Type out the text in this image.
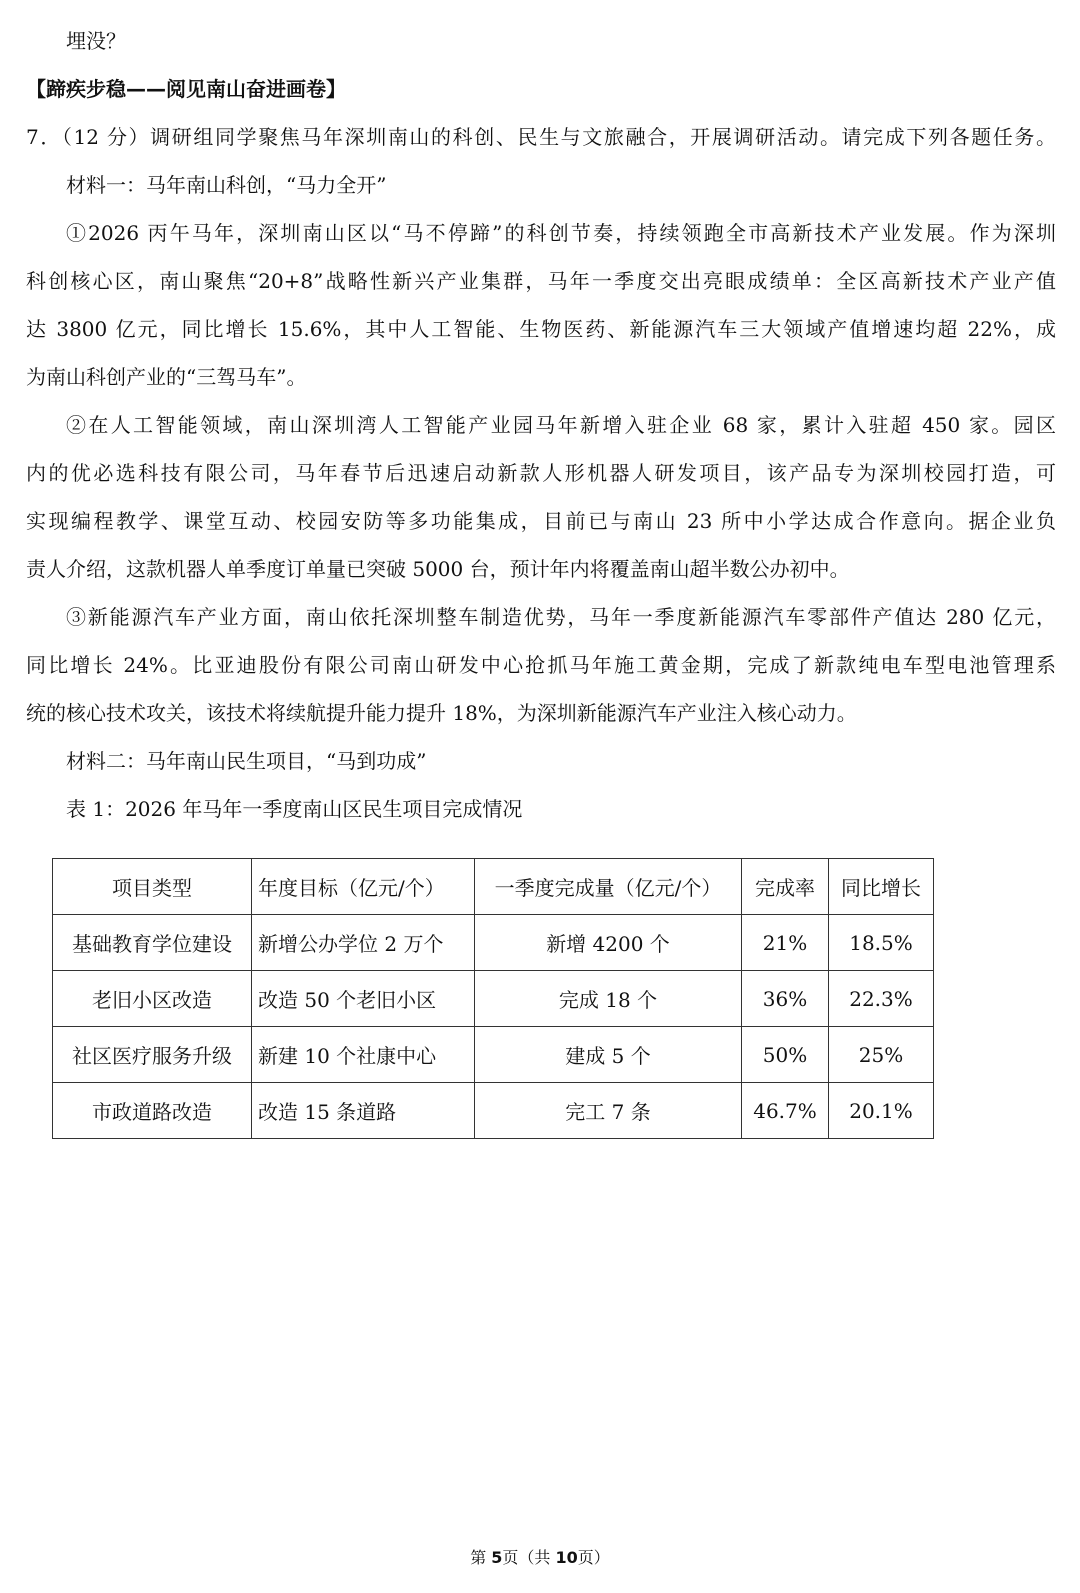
埋没？
【蹄疾步稳——阅见南山奋进画卷】
7．（12 分）调研组同学聚焦马年深圳南山的科创、民生与文旅融合，开展调研活动。请完成下列各题任务。
材料一：马年南山科创，“马力全开”
①2026 丙午马年，深圳南山区以“马不停蹄”的科创节奏，持续领跑全市高新技术产业发展。作为深圳
科创核心区，南山聚焦“20+8”战略性新兴产业集群，马年一季度交出亮眼成绩单：全区高新技术产业产值
达 3800 亿元，同比增长 15.6%，其中人工智能、生物医药、新能源汽车三大领域产值增速均超 22%，成
为南山科创产业的“三驾马车”。
②在人工智能领域，南山深圳湾人工智能产业园马年新增入驻企业 68 家，累计入驻超 450 家。园区
内的优必选科技有限公司，马年春节后迅速启动新款人形机器人研发项目，该产品专为深圳校园打造，可
实现编程教学、课堂互动、校园安防等多功能集成，目前已与南山 23 所中小学达成合作意向。据企业负
责人介绍，这款机器人单季度订单量已突破 5000 台，预计年内将覆盖南山超半数公办初中。
③新能源汽车产业方面，南山依托深圳整车制造优势，马年一季度新能源汽车零部件产值达 280 亿元，
同比增长 24%。比亚迪股份有限公司南山研发中心抢抓马年施工黄金期，完成了新款纯电车型电池管理系
统的核心技术攻关，该技术将续航提升能力提升 18%，为深圳新能源汽车产业注入核心动力。
材料二：马年南山民生项目，“马到功成”
表 1：2026 年马年一季度南山区民生项目完成情况
项目类型	年度目标（亿元/个）	一季度完成量（亿元/个）	完成率	同比增长
基础教育学位建设	新增公办学位 2 万个	新增 4200 个	21%	18.5%
老旧小区改造	改造 50 个老旧小区	完成 18 个	36%	22.3%
社区医疗服务升级	新建 10 个社康中心	建成 5 个	50%	25%
市政道路改造	改造 15 条道路	完工 7 条	46.7%	20.1%
第 5页（共 10页）
